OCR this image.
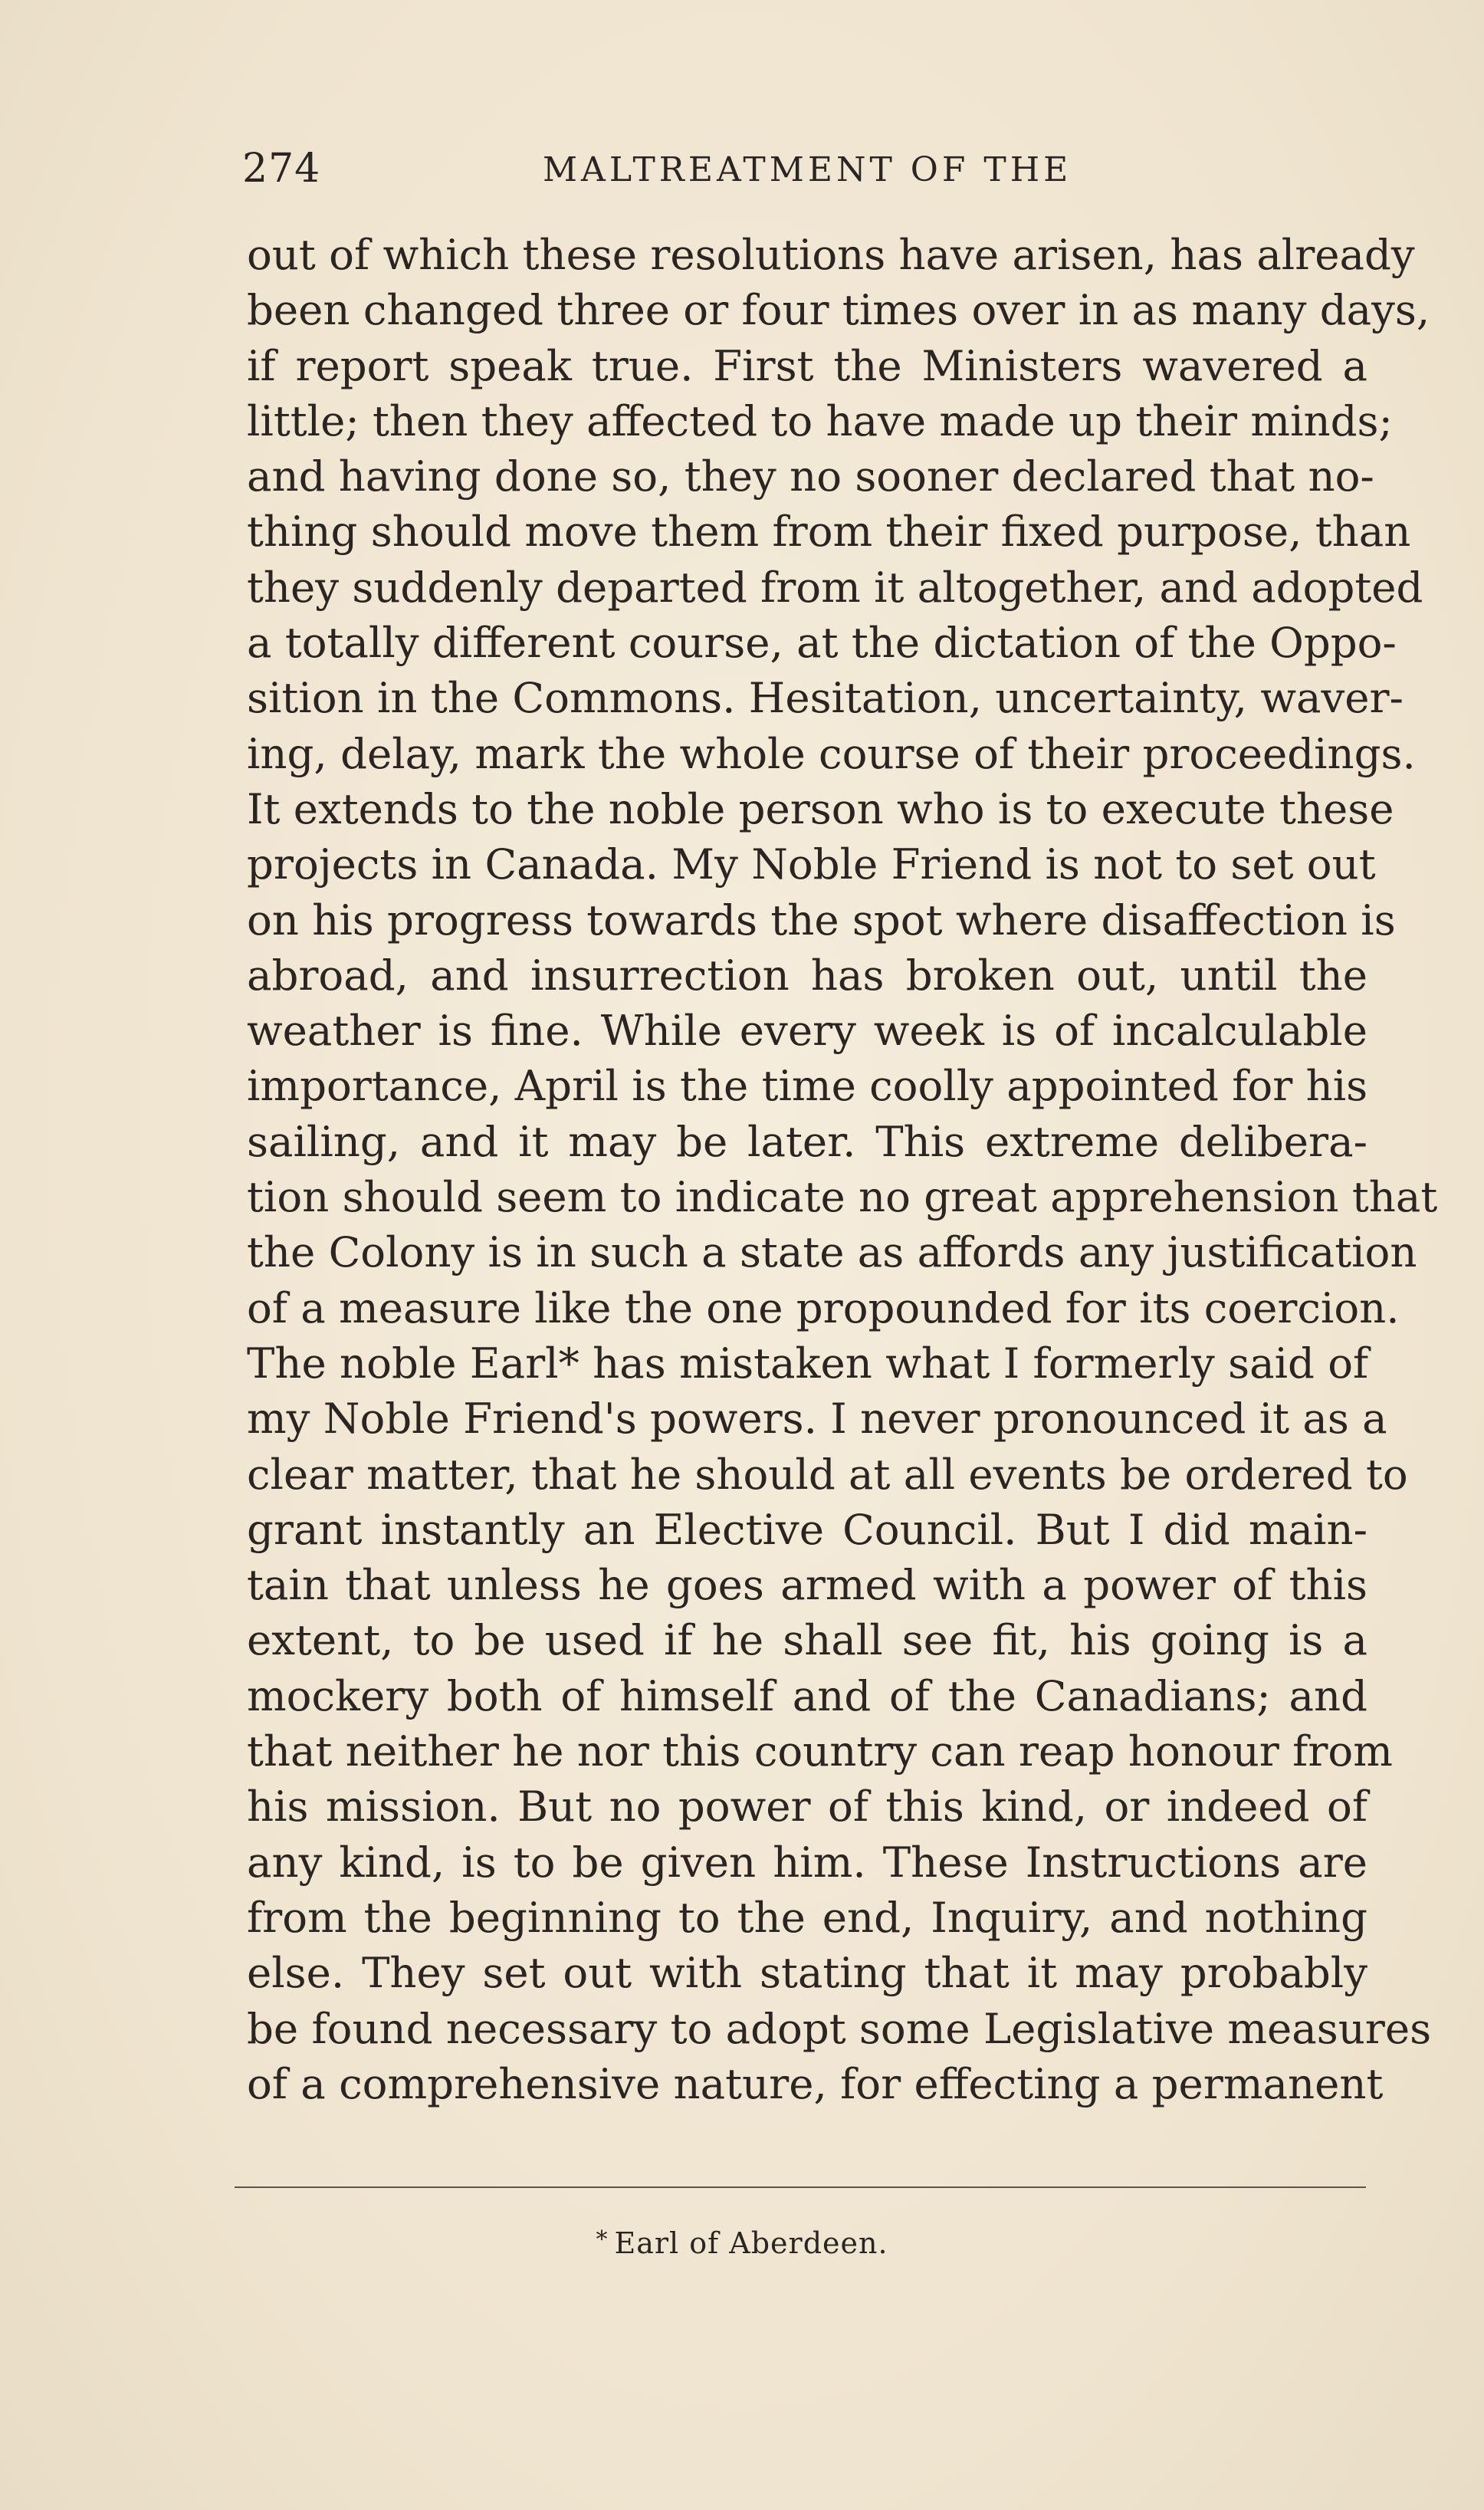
274	MALTREATMENT OF THE
out of which these resolutions have arisen, has already
been changed three or four times over in as many days,
if report speak true. First the Ministers wavered a
little; then they affected to have made up their minds;
and having done so, they no sooner declared that no-
thing should move them from their fixed purpose, than
they suddenly departed from it altogether, and adopted
a totally different course, at the dictation of the Oppo-
sition in the Commons. Hesitation, uncertainty, waver-
ing, delay, mark the whole course of their proceedings.
It extends to the noble person who is to execute these
projects in Canada. My Noble Friend is not to set out
on his progress towards the spot where disaffection is
abroad, and insurrection has broken out, until the
weather is fine. While every week is of incalculable
importance, April is the time coolly appointed for his
sailing, and it may be later. This extreme delibera-
tion should seem to indicate no great apprehension that
the Colony is in such a state as affords any justification
of a measure like the one propounded for its coercion.
The noble Earl* has mistaken what I formerly said of
my Noble Friend's powers. I never pronounced it as a
clear matter, that he should at all events be ordered to
grant instantly an Elective Council. But I did main-
tain that unless he goes armed with a power of this
extent, to be used if he shall see fit, his going is a
mockery both of himself and of the Canadians; and
that neither he nor this country can reap honour from
his mission. But no power of this kind, or indeed of
any kind, is to be given him. These Instructions are
from the beginning to the end, Inquiry, and nothing
else. They set out with stating that it may probably
be found necessary to adopt some Legislative measures
of a comprehensive nature, for effecting a permanent
* Earl of Aberdeen.
